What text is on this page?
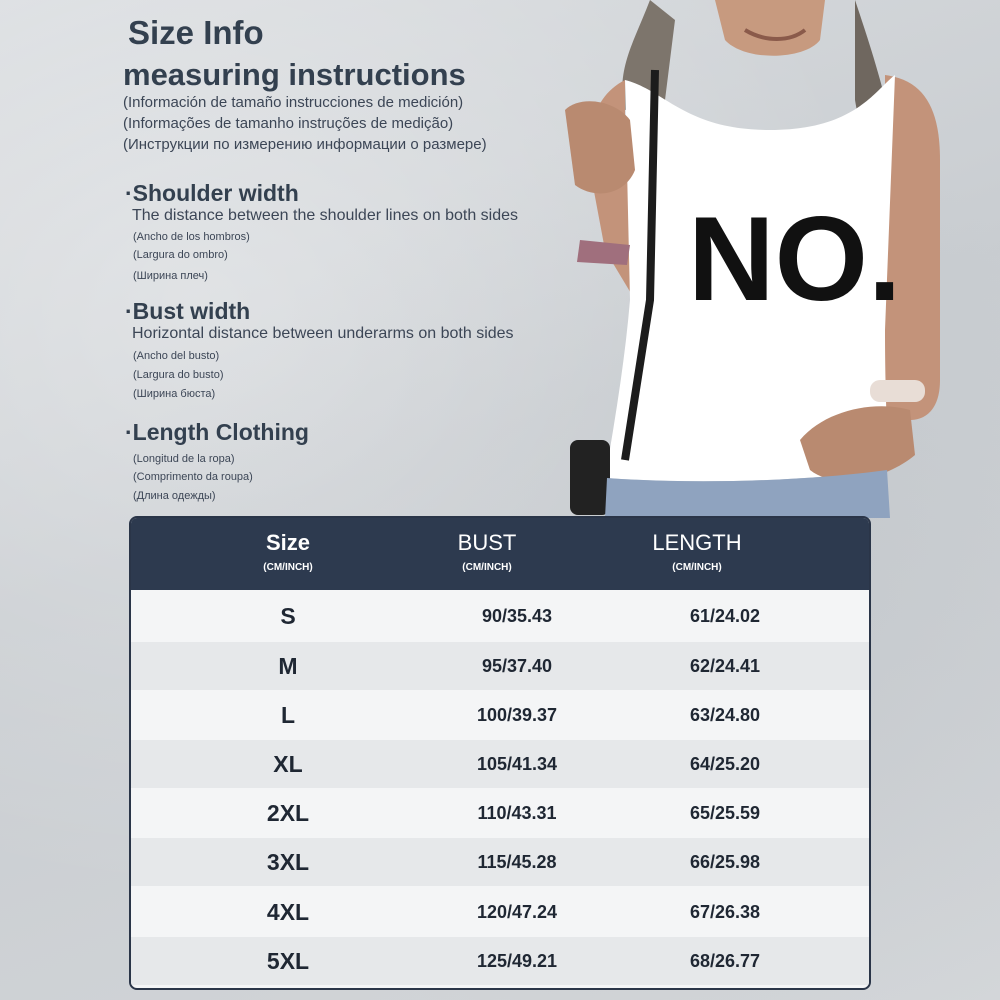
Size Info
measuring instructions
(Información de tamaño instrucciones de medición)
(Informações de tamanho instruções de medição)
(Инструкции по измерению информации о размере)
·Shoulder width
The distance between the shoulder lines on both sides
(Ancho de los hombros)
(Largura do ombro)
(Ширина плеч)
·Bust width
Horizontal distance between underarms on both sides
(Ancho del busto)
(Largura do busto)
(Ширина бюста)
·Length Clothing
(Longitud de la ropa)
(Comprimento da roupa)
(Длина одежды)
NO.
Size
(CM/INCH)
BUST
(CM/INCH)
LENGTH
(CM/INCH)
S	90/35.43	61/24.02
M	95/37.40	62/24.41
L	100/39.37	63/24.80
XL	105/41.34	64/25.20
2XL	110/43.31	65/25.59
3XL	115/45.28	66/25.98
4XL	120/47.24	67/26.38
5XL	125/49.21	68/26.77
